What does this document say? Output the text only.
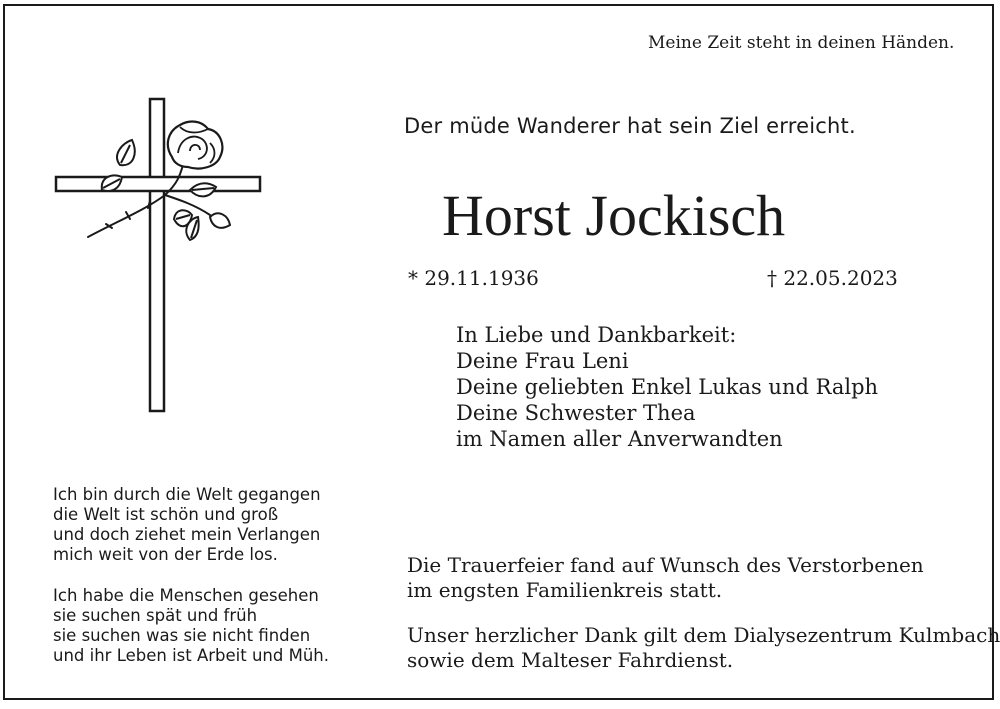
Meine Zeit steht in deinen Händen.
Der müde Wanderer hat sein Ziel erreicht.
Horst Jockisch
* 29.11.1936	† 22.05.2023
In Liebe und Dankbarkeit:
Deine Frau Leni
Deine geliebten Enkel Lukas und Ralph
Deine Schwester Thea
im Namen aller Anverwandten
Ich bin durch die Welt gegangen
die Welt ist schön und groß
und doch ziehet mein Verlangen
mich weit von der Erde los.
Ich habe die Menschen gesehen
sie suchen spät und früh
sie suchen was sie nicht finden
und ihr Leben ist Arbeit und Müh.
Die Trauerfeier fand auf Wunsch des Verstorbenen
im engsten Familienkreis statt.
Unser herzlicher Dank gilt dem Dialysezentrum Kulmbach
sowie dem Malteser Fahrdienst.
